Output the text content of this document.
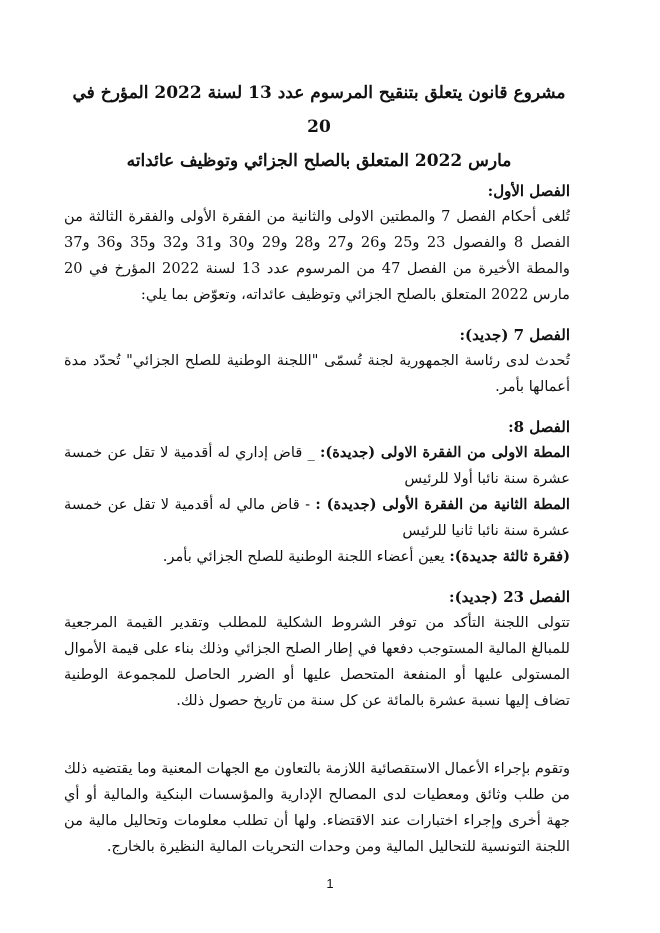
مشروع قانون يتعلق بتنقيح المرسوم عدد 13 لسنة 2022 المؤرخ في 20
مارس 2022 المتعلق بالصلح الجزائي وتوظيف عائداته

الفصل الأول:

تُلغى أحكام الفصل 7 والمطتين الاولى والثانية من الفقرة الأولى والفقرة الثالثة من الفصل 8 والفصول 23 و25 و26 و27 و28 و29 و30 و31 و32 و35 و36 و37 والمطة الأخيرة من الفصل 47 من المرسوم عدد 13 لسنة 2022 المؤرخ في 20 مارس 2022 المتعلق بالصلح الجزائي وتوظيف عائداته، وتعوّض بما يلي:

الفصل 7 (جديد):

تُحدث لدى رئاسة الجمهورية لجنة تُسمّى "اللجنة الوطنية للصلح الجزائي" تُحدّد مدة أعمالها بأمر.

الفصل 8:

المطة الاولى من الفقرة الاولى (جديدة): _ قاض إداري له أقدمية لا تقل عن خمسة عشرة سنة نائبا أولا للرئيس

المطة الثانية من الفقرة الأولى (جديدة) : - قاض مالي له أقدمية لا تقل عن خمسة عشرة سنة نائبا ثانيا للرئيس

(فقرة ثالثة جديدة): يعين أعضاء اللجنة الوطنية للصلح الجزائي بأمر.

الفصل 23 (جديد):

تتولى اللجنة التأكد من توفر الشروط الشكلية للمطلب وتقدير القيمة المرجعية للمبالغ المالية المستوجب دفعها في إطار الصلح الجزائي وذلك بناء على قيمة الأموال المستولى عليها أو المنفعة المتحصل عليها أو الضرر الحاصل للمجموعة الوطنية تضاف إليها نسبة عشرة بالمائة عن كل سنة من تاريخ حصول ذلك.

وتقوم بإجراء الأعمال الاستقصائية اللازمة بالتعاون مع الجهات المعنية وما يقتضيه ذلك من طلب وثائق ومعطيات لدى المصالح الإدارية والمؤسسات البنكية والمالية أو أي جهة أخرى وإجراء اختبارات عند الاقتضاء. ولها أن تطلب معلومات وتحاليل مالية من اللجنة التونسية للتحاليل المالية ومن وحدات التحريات المالية النظيرة بالخارج.

1
